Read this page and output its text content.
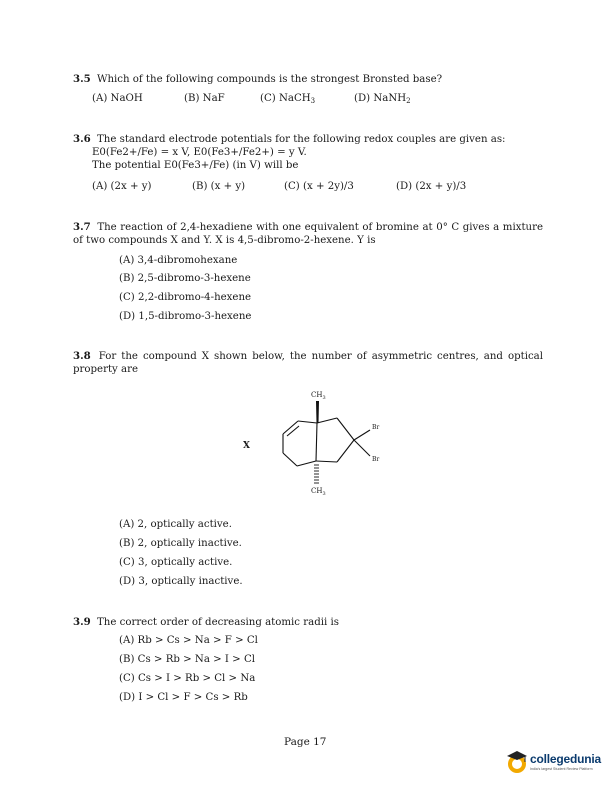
3.5 Which of the following compounds is the strongest Bronsted base?
(A) NaOH	(B) NaF	(C) NaCH$_3$	(D) NaNH$_2$
3.6 The standard electrode potentials for the following redox couples are given as:
E0(Fe2+/Fe) = x V, E0(Fe3+/Fe2+) = y V.
The potential E0(Fe3+/Fe) (in V) will be
(A) (2x + y)	(B) (x + y)	(C) (x + 2y)/3	(D) (2x + y)/3
3.7 The reaction of 2,4-hexadiene with one equivalent of bromine at 0° C gives a mixture of two compounds X and Y. X is 4,5-dibromo-2-hexene. Y is
(A) 3,4-dibromohexane
(B) 2,5-dibromo-3-hexene
(C) 2,2-dibromo-4-hexene
(D) 1,5-dibromo-3-hexene
3.8 For the compound X shown below, the number of asymmetric centres, and optical property are
X
$CH_3$
$CH_3$
Br
Br
(A) 2, optically active.
(B) 2, optically inactive.
(C) 3, optically active.
(D) 3, optically inactive.
3.9 The correct order of decreasing atomic radii is
(A) Rb > Cs > Na > F > Cl
(B) Cs > Rb > Na > I > Cl
(C) Cs > I > Rb > Cl > Na
(D) I > Cl > F > Cs > Rb
Page 17
collegedunia
India's largest Student Review Platform
